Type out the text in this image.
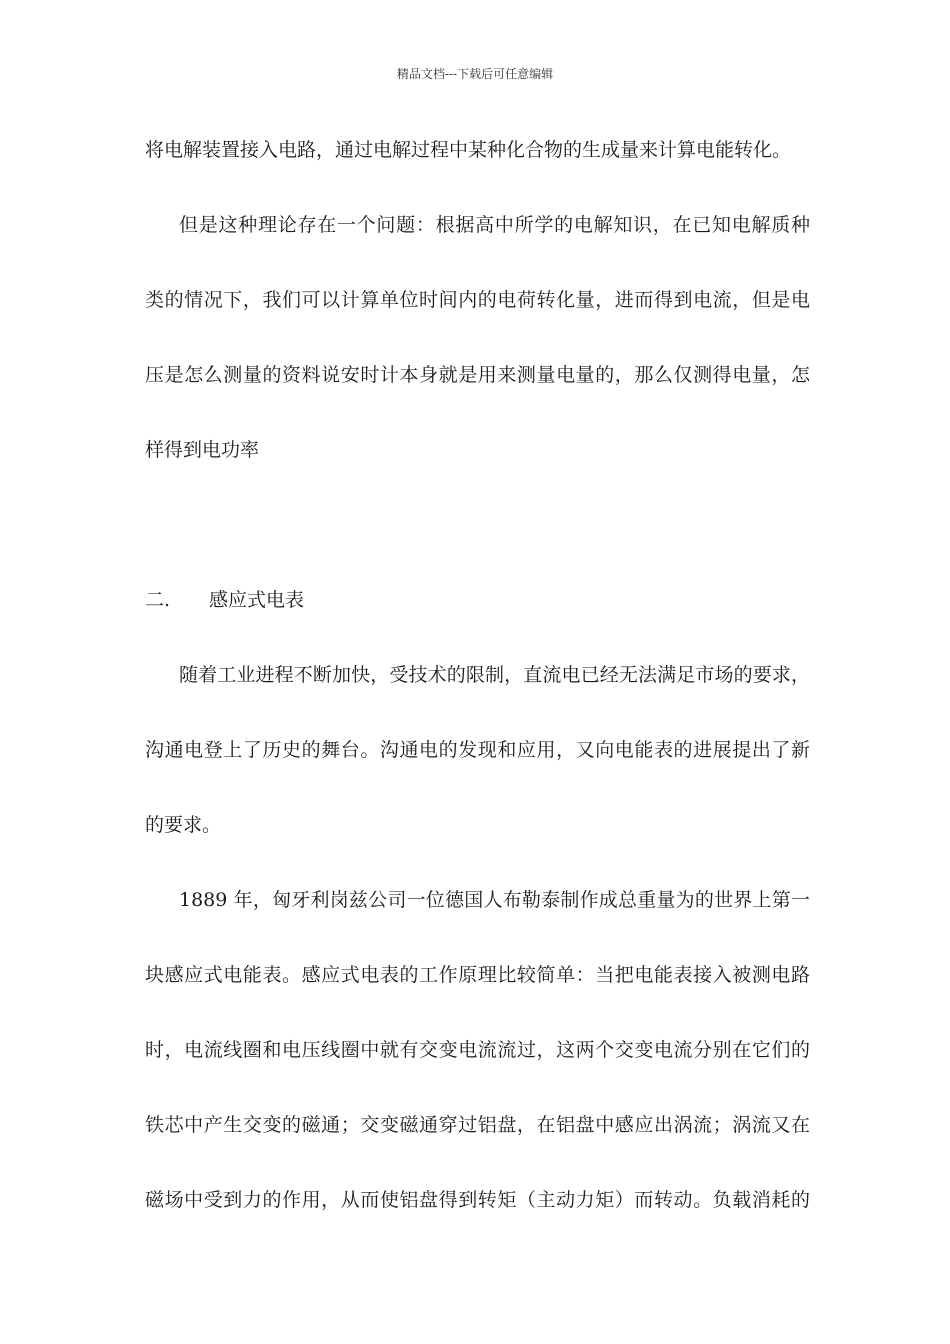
精品文档---下载后可任意编辑
将电解装置接入电路，通过电解过程中某种化合物的生成量来计算电能转化。
但是这种理论存在一个问题：根据高中所学的电解知识，在已知电解质种
类的情况下，我们可以计算单位时间内的电荷转化量，进而得到电流，但是电
压是怎么测量的资料说安时计本身就是用来测量电量的，那么仅测得电量，怎
样得到电功率
二. 感应式电表
随着工业进程不断加快，受技术的限制，直流电已经无法满足市场的要求，
沟通电登上了历史的舞台。沟通电的发现和应用，又向电能表的进展提出了新
的要求。
1889 年，匈牙利岗兹公司一位德国人布勒泰制作成总重量为的世界上第一
块感应式电能表。感应式电表的工作原理比较简单：当把电能表接入被测电路
时，电流线圈和电压线圈中就有交变电流流过，这两个交变电流分别在它们的
铁芯中产生交变的磁通；交变磁通穿过铝盘，在铝盘中感应出涡流；涡流又在
磁场中受到力的作用，从而使铝盘得到转矩（主动力矩）而转动。负载消耗的
